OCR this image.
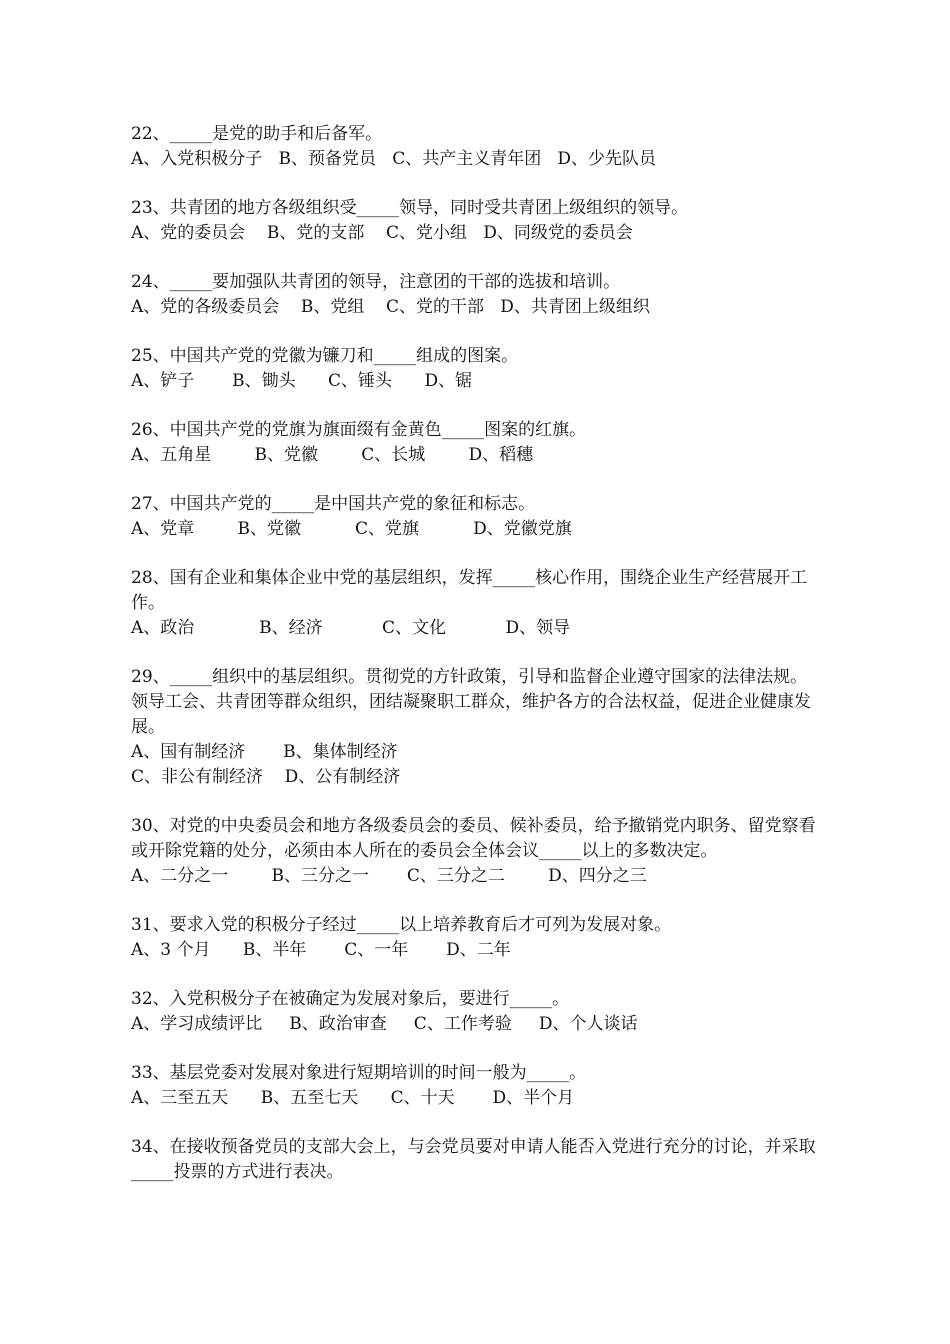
22、_____是党的助手和后备军。

A、入党积极分子   B、预备党员   C、共产主义青年团   D、少先队员

23、共青团的地方各级组织受_____领导，同时受共青团上级组织的领导。

A、党的委员会    B、党的支部    C、党小组   D、同级党的委员会

24、_____要加强队共青团的领导，注意团的干部的选拔和培训。

A、党的各级委员会    B、党组    C、党的干部   D、共青团上级组织

25、中国共产党的党徽为镰刀和_____组成的图案。

A、铲子       B、锄头      C、锤头      D、锯

26、中国共产党的党旗为旗面缀有金黄色_____图案的红旗。

A、五角星        B、党徽        C、长城        D、稻穗

27、中国共产党的_____是中国共产党的象征和标志。

A、党章        B、党徽          C、党旗          D、党徽党旗

28、国有企业和集体企业中党的基层组织，发挥_____核心作用，围绕企业生产经营展开工作。

A、政治            B、经济           C、文化           D、领导

29、_____组织中的基层组织。贯彻党的方针政策，引导和监督企业遵守国家的法律法规。领导工会、共青团等群众组织，团结凝聚职工群众，维护各方的合法权益，促进企业健康发展。

A、国有制经济       B、集体制经济
C、非公有制经济    D、公有制经济

30、对党的中央委员会和地方各级委员会的委员、候补委员，给予撤销党内职务、留党察看或开除党籍的处分，必须由本人所在的委员会全体会议_____以上的多数决定。

A、二分之一        B、三分之一       C、三分之二        D、四分之三

31、要求入党的积极分子经过_____以上培养教育后才可列为发展对象。

A、3 个月      B、半年       C、一年       D、二年

32、入党积极分子在被确定为发展对象后，要进行_____。

A、学习成绩评比     B、政治审查     C、工作考验     D、个人谈话

33、基层党委对发展对象进行短期培训的时间一般为_____。

A、三至五天      B、五至七天      C、十天       D、半个月

34、在接收预备党员的支部大会上，与会党员要对申请人能否入党进行充分的讨论，并采取_____投票的方式进行表决。
